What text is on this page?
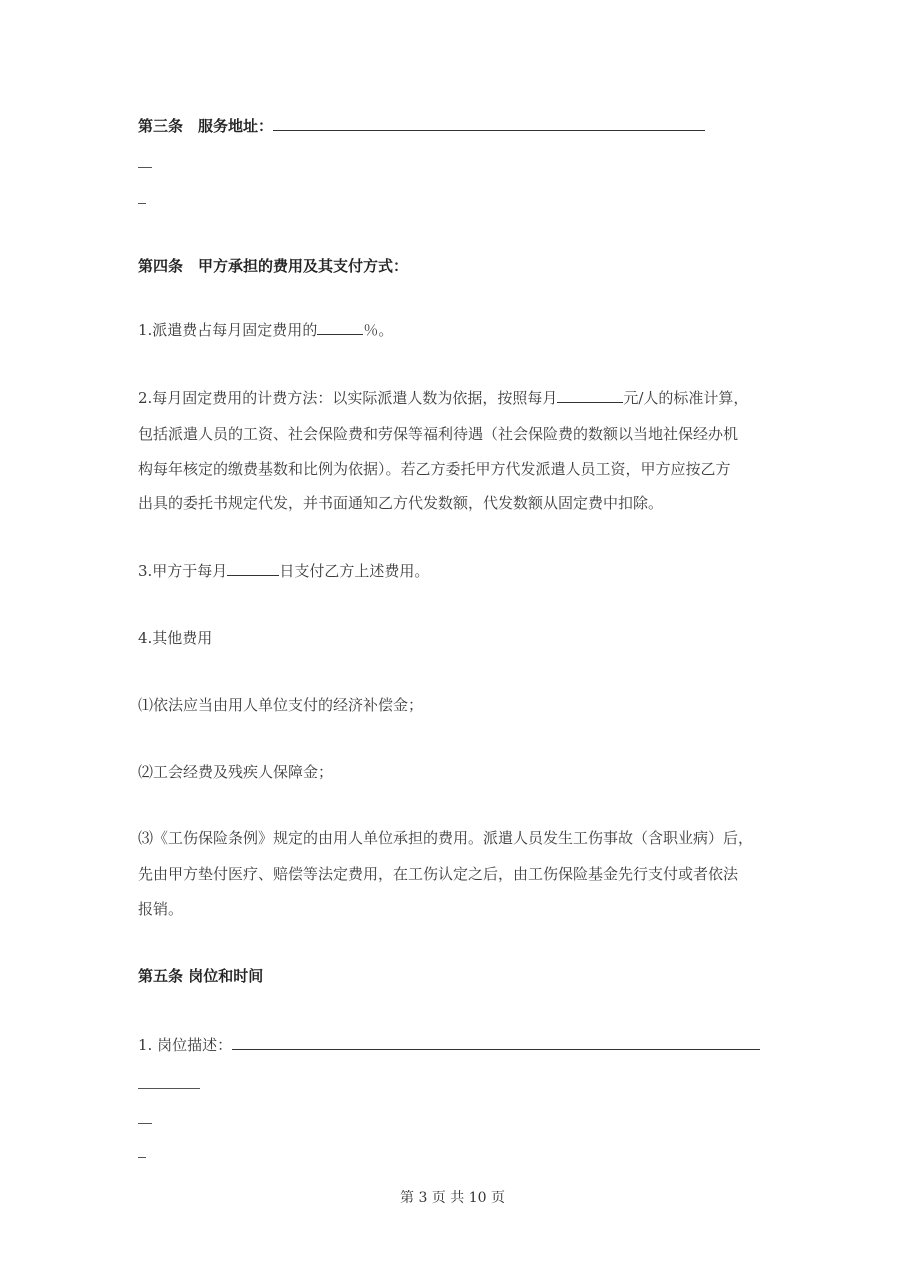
第三条　服务地址：
第四条　甲方承担的费用及其支付方式：
1.派遣费占每月固定费用的	％。
2.每月固定费用的计费方法：以实际派遣人数为依据，按照每月	元/人的标准计算，
包括派遣人员的工资、社会保险费和劳保等福利待遇（社会保险费的数额以当地社保经办机
构每年核定的缴费基数和比例为依据）。若乙方委托甲方代发派遣人员工资，甲方应按乙方
出具的委托书规定代发，并书面通知乙方代发数额，代发数额从固定费中扣除。
3.甲方于每月	日支付乙方上述费用。
4.其他费用
⑴依法应当由用人单位支付的经济补偿金；
⑵工会经费及残疾人保障金；
⑶《工伤保险条例》规定的由用人单位承担的费用。派遣人员发生工伤事故（含职业病）后，
先由甲方垫付医疗、赔偿等法定费用，在工伤认定之后，由工伤保险基金先行支付或者依法
报销。
第五条 岗位和时间
1. 岗位描述：
第 3 页 共 10 页
